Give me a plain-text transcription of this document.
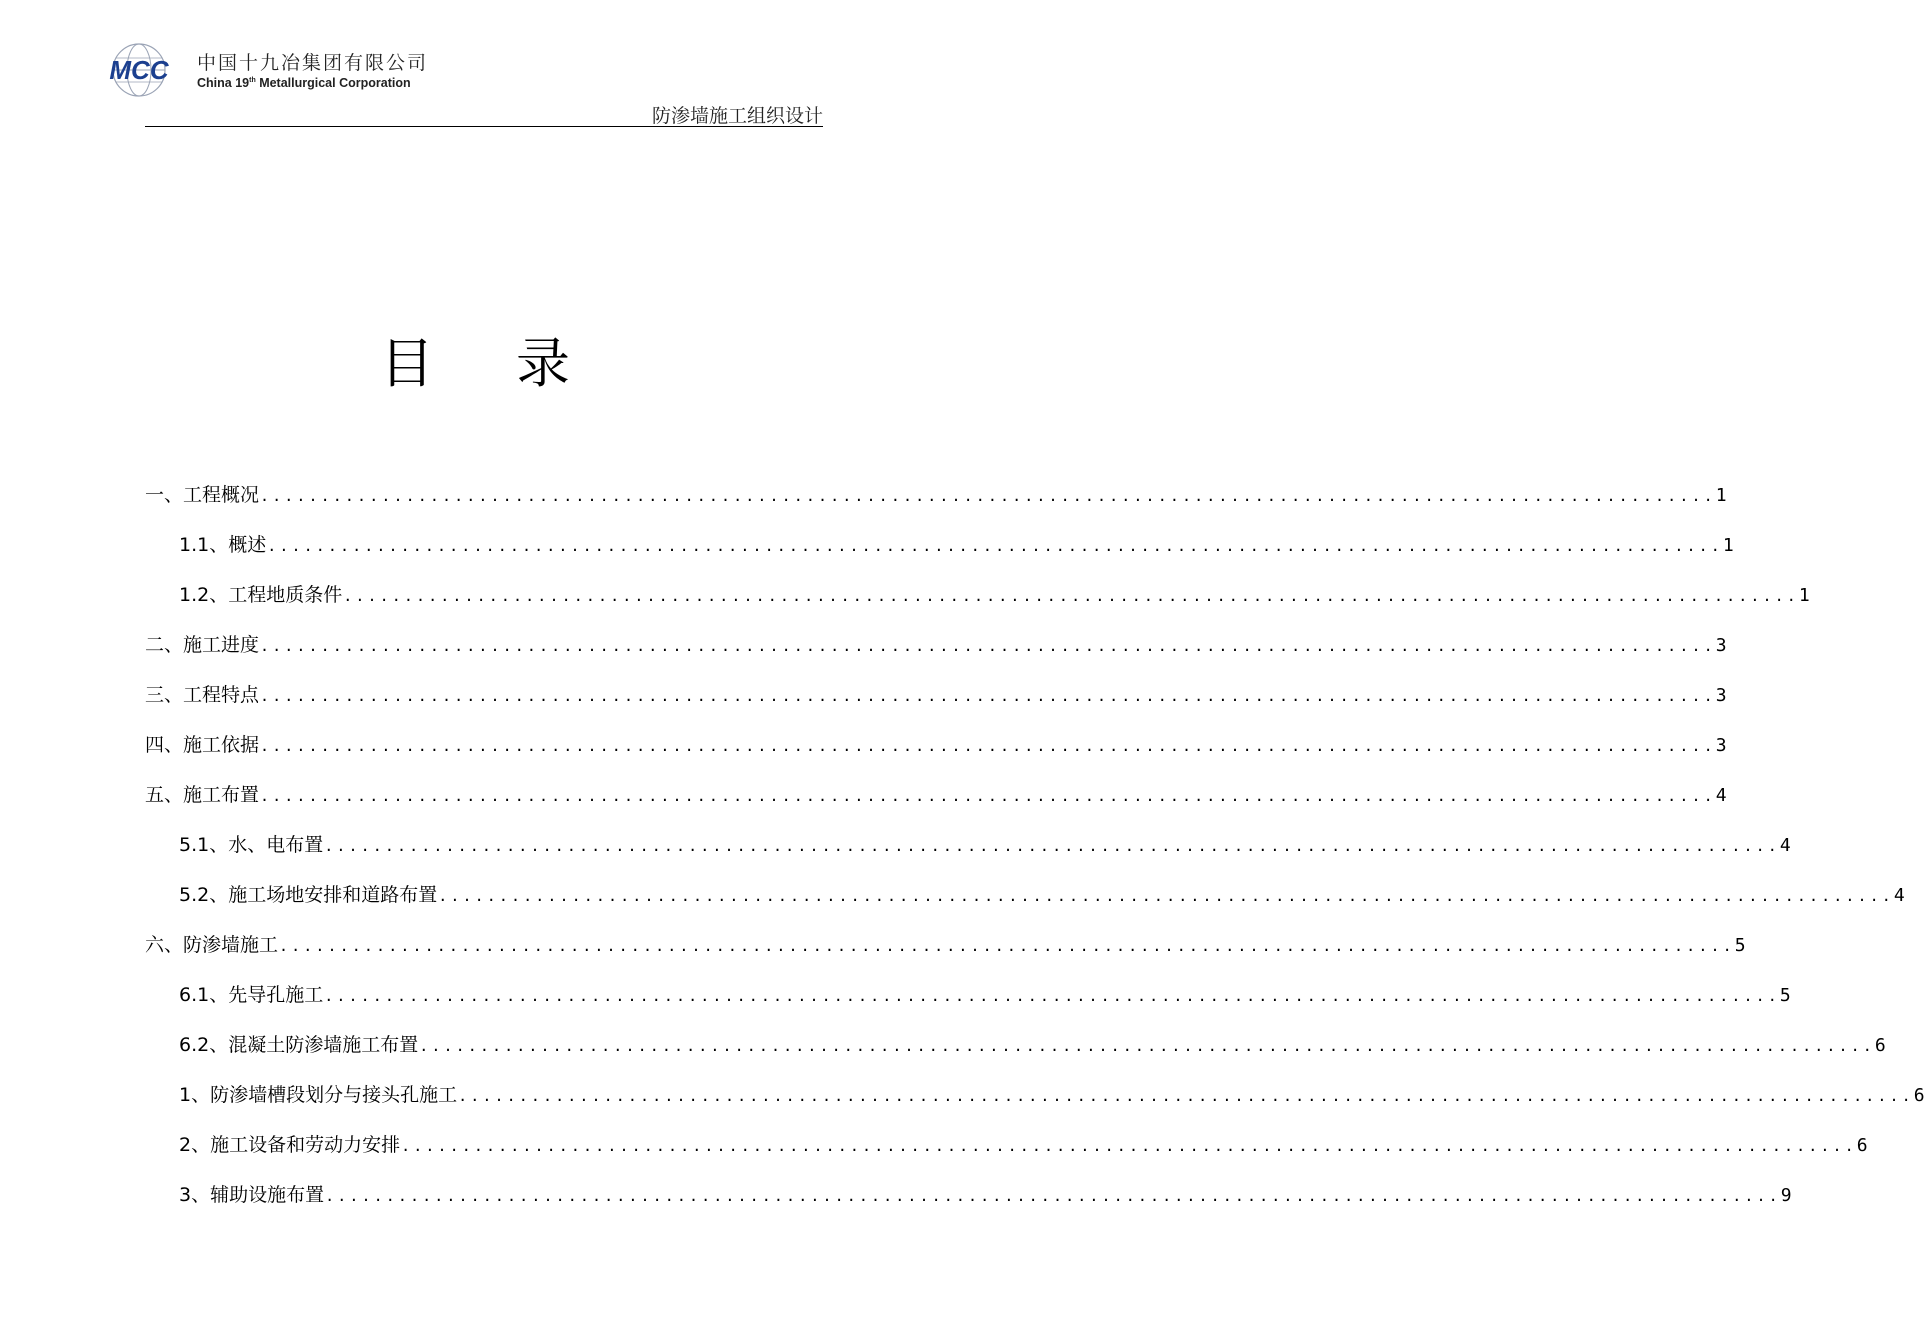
MCC 中国十九冶集团有限公司
China 19th Metallurgical Corporation
防渗墙施工组织设计
目录
一、工程概况 ........................................................................................................................ 1
1.1、概述 ........................................................................................................................ 1
1.2、工程地质条件 ........................................................................................................................ 1
二、施工进度 ........................................................................................................................ 3
三、工程特点 ........................................................................................................................ 3
四、施工依据 ........................................................................................................................ 3
五、施工布置 ........................................................................................................................ 4
5.1、水、电布置 ........................................................................................................................ 4
5.2、施工场地安排和道路布置 ........................................................................................................................ 4
六、防渗墙施工 ........................................................................................................................ 5
6.1、先导孔施工 ........................................................................................................................ 5
6.2、混凝土防渗墙施工布置 ........................................................................................................................ 6
1、防渗墙槽段划分与接头孔施工 ........................................................................................................................ 6
2、施工设备和劳动力安排 ........................................................................................................................ 6
3、辅助设施布置 ........................................................................................................................ 9
